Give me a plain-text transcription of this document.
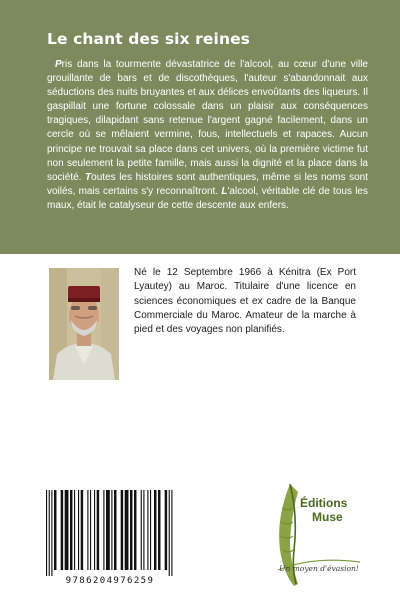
Le chant des six reines

Pris dans la tourmente dévastatrice de l'alcool, au cœur d'une ville grouillante de bars et de discothèques, l'auteur s'abandonnait aux séductions des nuits bruyantes et aux délices envoûtants des liqueurs. Il gaspillait une fortune colossale dans un plaisir aux conséquences tragiques, dilapidant sans retenue l'argent gagné facilement, dans un cercle où se mêlaient vermine, fous, intellectuels et rapaces. Aucun principe ne trouvait sa place dans cet univers, où la première victime fut non seulement la petite famille, mais aussi la dignité et la place dans la société. Toutes les histoires sont authentiques, même si les noms sont voilés, mais certains s'y reconnaîtront. L'alcool, véritable clé de tous les maux, était le catalyseur de cette descente aux enfers.

Né le 12 Septembre 1966 à Kénitra (Ex Port Lyautey) au Maroc. Titulaire d'une licence en sciences économiques et ex cadre de la Banque Commerciale du Maroc. Amateur de la marche à pied et des voyages non planifiés.

9786204976259
Éditions
Muse
Un moyen d'évasion!
